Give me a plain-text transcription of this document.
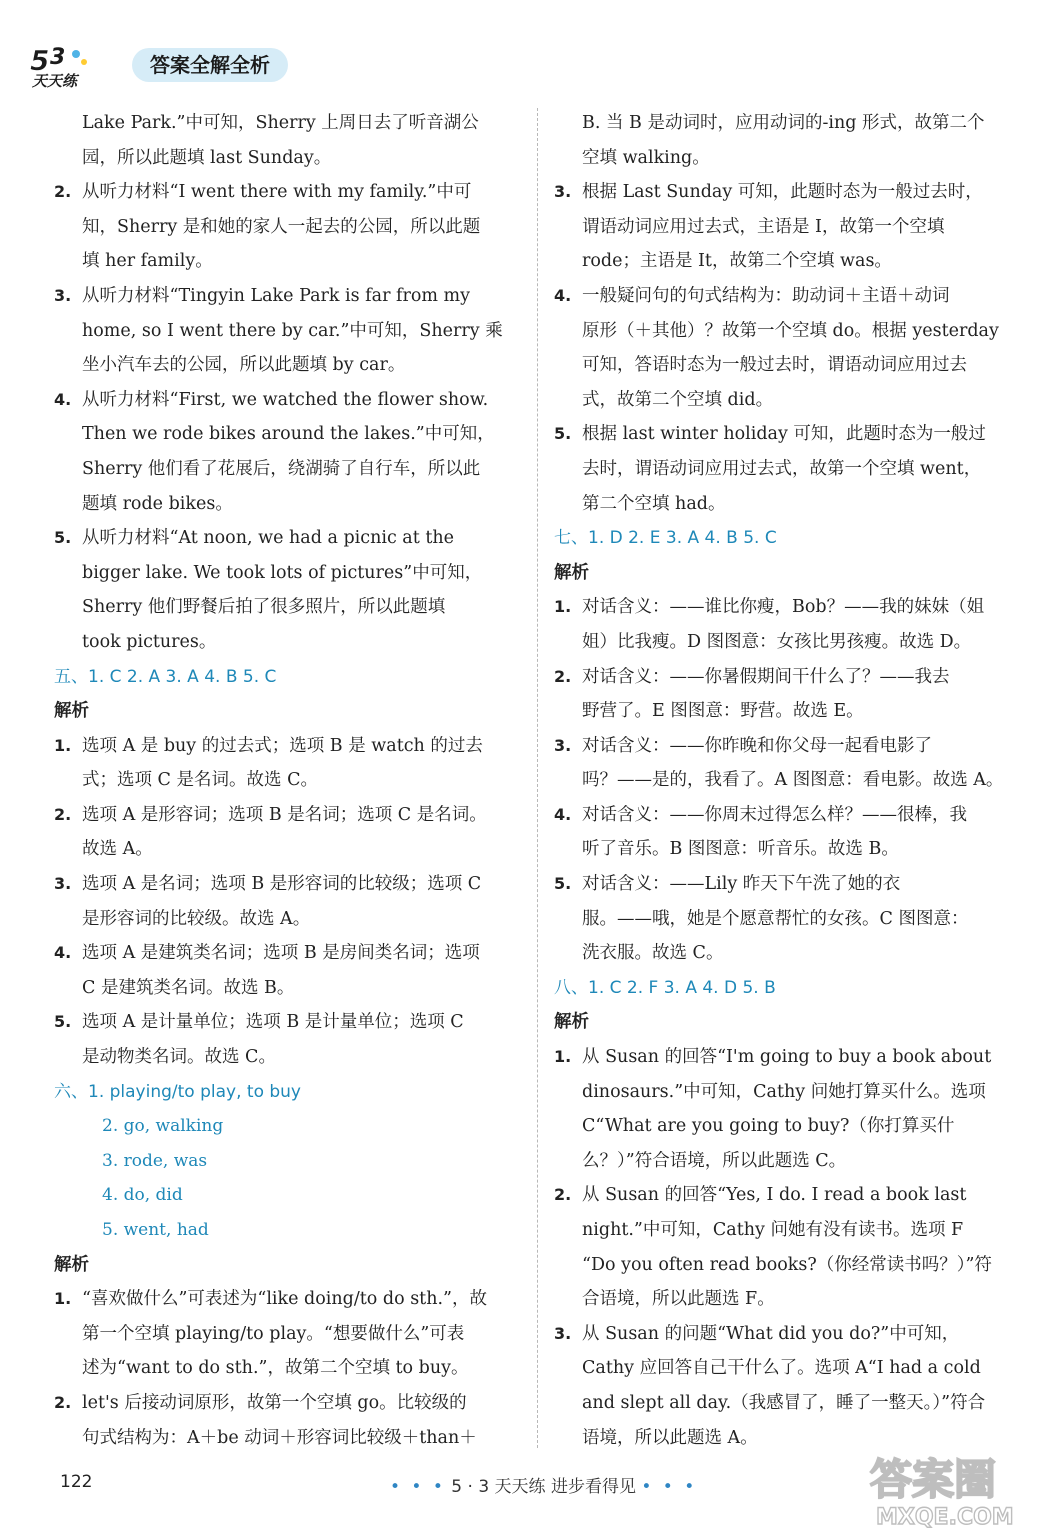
5 3
天天练
答案全解全析
Lake Park.”中可知，Sherry 上周日去了听音湖公
园，所以此题填 last Sunday。
2. 从听力材料“I went there with my family.”中可
知，Sherry 是和她的家人一起去的公园，所以此题
填 her family。
3. 从听力材料“Tingyin Lake Park is far from my
home, so I went there by car.”中可知，Sherry 乘
坐小汽车去的公园，所以此题填 by car。
4. 从听力材料“First, we watched the flower show.
Then we rode bikes around the lakes.”中可知，
Sherry 他们看了花展后，绕湖骑了自行车，所以此
题填 rode bikes。
5. 从听力材料“At noon, we had a picnic at the
bigger lake. We took lots of pictures”中可知，
Sherry 他们野餐后拍了很多照片，所以此题填
took pictures。
五、1. C 2. A 3. A 4. B 5. C
解析
1. 选项 A 是 buy 的过去式；选项 B 是 watch 的过去
式；选项 C 是名词。故选 C。
2. 选项 A 是形容词；选项 B 是名词；选项 C 是名词。
故选 A。
3. 选项 A 是名词；选项 B 是形容词的比较级；选项 C
是形容词的比较级。故选 A。
4. 选项 A 是建筑类名词；选项 B 是房间类名词；选项
C 是建筑类名词。故选 B。
5. 选项 A 是计量单位；选项 B 是计量单位；选项 C
是动物类名词。故选 C。
六、1. playing/to play, to buy
2. go, walking
3. rode, was
4. do, did
5. went, had
解析
1. “喜欢做什么”可表述为“like doing/to do sth.”，故
第一个空填 playing/to play。“想要做什么”可表
述为“want to do sth.”，故第二个空填 to buy。
2. let's 后接动词原形，故第一个空填 go。比较级的
句式结构为：A＋be 动词＋形容词比较级＋than＋
B. 当 B 是动词时，应用动词的-ing 形式，故第二个
空填 walking。
3. 根据 Last Sunday 可知，此题时态为一般过去时，
谓语动词应用过去式，主语是 I，故第一个空填
rode；主语是 It，故第二个空填 was。
4. 一般疑问句的句式结构为：助动词＋主语＋动词
原形（＋其他）？故第一个空填 do。根据 yesterday
可知，答语时态为一般过去时，谓语动词应用过去
式，故第二个空填 did。
5. 根据 last winter holiday 可知，此题时态为一般过
去时，谓语动词应用过去式，故第一个空填 went，
第二个空填 had。
七、1. D 2. E 3. A 4. B 5. C
解析
1. 对话含义：——谁比你瘦，Bob？——我的妹妹（姐
姐）比我瘦。D 图图意：女孩比男孩瘦。故选 D。
2. 对话含义：——你暑假期间干什么了？——我去
野营了。E 图图意：野营。故选 E。
3. 对话含义：——你昨晚和你父母一起看电影了
吗？——是的，我看了。A 图图意：看电影。故选 A。
4. 对话含义：——你周末过得怎么样？——很棒，我
听了音乐。B 图图意：听音乐。故选 B。
5. 对话含义：——Lily 昨天下午洗了她的衣
服。——哦，她是个愿意帮忙的女孩。C 图图意：
洗衣服。故选 C。
八、1. C 2. F 3. A 4. D 5. B
解析
1. 从 Susan 的回答“I'm going to buy a book about
dinosaurs.”中可知，Cathy 问她打算买什么。选项
C“What are you going to buy?（你打算买什
么？）”符合语境，所以此题选 C。
2. 从 Susan 的回答“Yes, I do. I read a book last
night.”中可知，Cathy 问她有没有读书。选项 F
“Do you often read books?（你经常读书吗？）”符
合语境，所以此题选 F。
3. 从 Susan 的问题“What did you do?”中可知，
Cathy 应回答自己干什么了。选项 A“I had a cold
and slept all day.（我感冒了，睡了一整天。）”符合
语境，所以此题选 A。
122	• • • 5 · 3 天天练 进步看得见 • • •	答案圈
MXQE.COM
